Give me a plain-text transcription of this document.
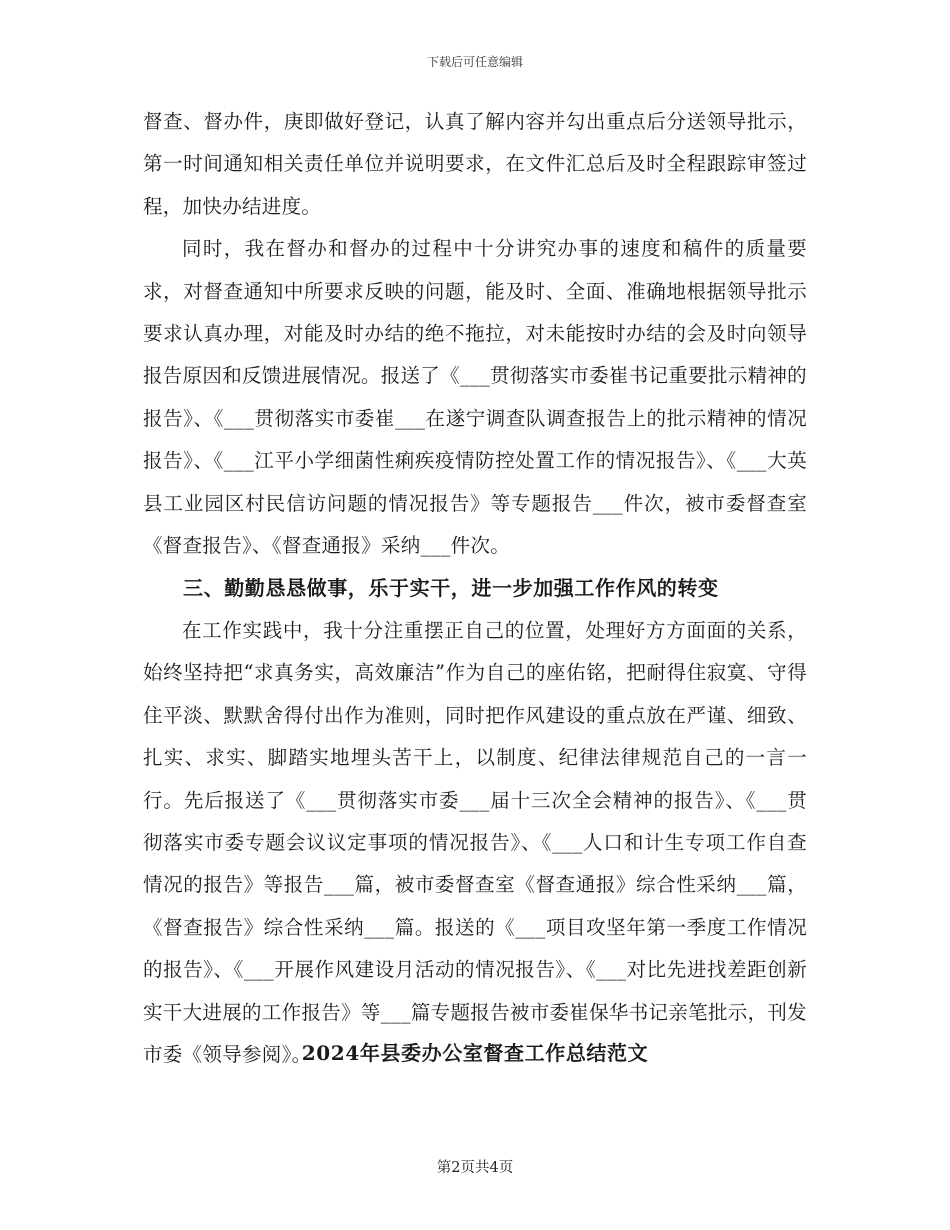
下载后可任意编辑

督查、督办件，庚即做好登记，认真了解内容并勾出重点后分送领导批示，第一时间通知相关责任单位并说明要求，在文件汇总后及时全程跟踪审签过程，加快办结进度。

同时，我在督办和督办的过程中十分讲究办事的速度和稿件的质量要求，对督查通知中所要求反映的问题，能及时、全面、准确地根据领导批示要求认真办理，对能及时办结的绝不拖拉，对未能按时办结的会及时向领导报告原因和反馈进展情况。报送了《___贯彻落实市委崔书记重要批示精神的报告》、《___贯彻落实市委崔___在遂宁调查队调查报告上的批示精神的情况报告》、《___江平小学细菌性痢疾疫情防控处置工作的情况报告》、《___大英县工业园区村民信访问题的情况报告》等专题报告___件次，被市委督查室《督查报告》、《督查通报》采纳___件次。

三、勤勤恳恳做事，乐于实干，进一步加强工作作风的转变

在工作实践中，我十分注重摆正自己的位置，处理好方方面面的关系，始终坚持把“求真务实，高效廉洁”作为自己的座佑铭，把耐得住寂寞、守得住平淡、默默舍得付出作为准则，同时把作风建设的重点放在严谨、细致、扎实、求实、脚踏实地埋头苦干上，以制度、纪律法律规范自己的一言一行。先后报送了《___贯彻落实市委___届十三次全会精神的报告》、《___贯彻落实市委专题会议议定事项的情况报告》、《___人口和计生专项工作自查情况的报告》等报告___篇，被市委督查室《督查通报》综合性采纳___篇，《督查报告》综合性采纳___篇。报送的《___项目攻坚年第一季度工作情况的报告》、《___开展作风建设月活动的情况报告》、《___对比先进找差距创新实干大进展的工作报告》等___篇专题报告被市委崔保华书记亲笔批示，刊发市委《领导参阅》。

2024年县委办公室督查工作总结范文
第2页共4页
